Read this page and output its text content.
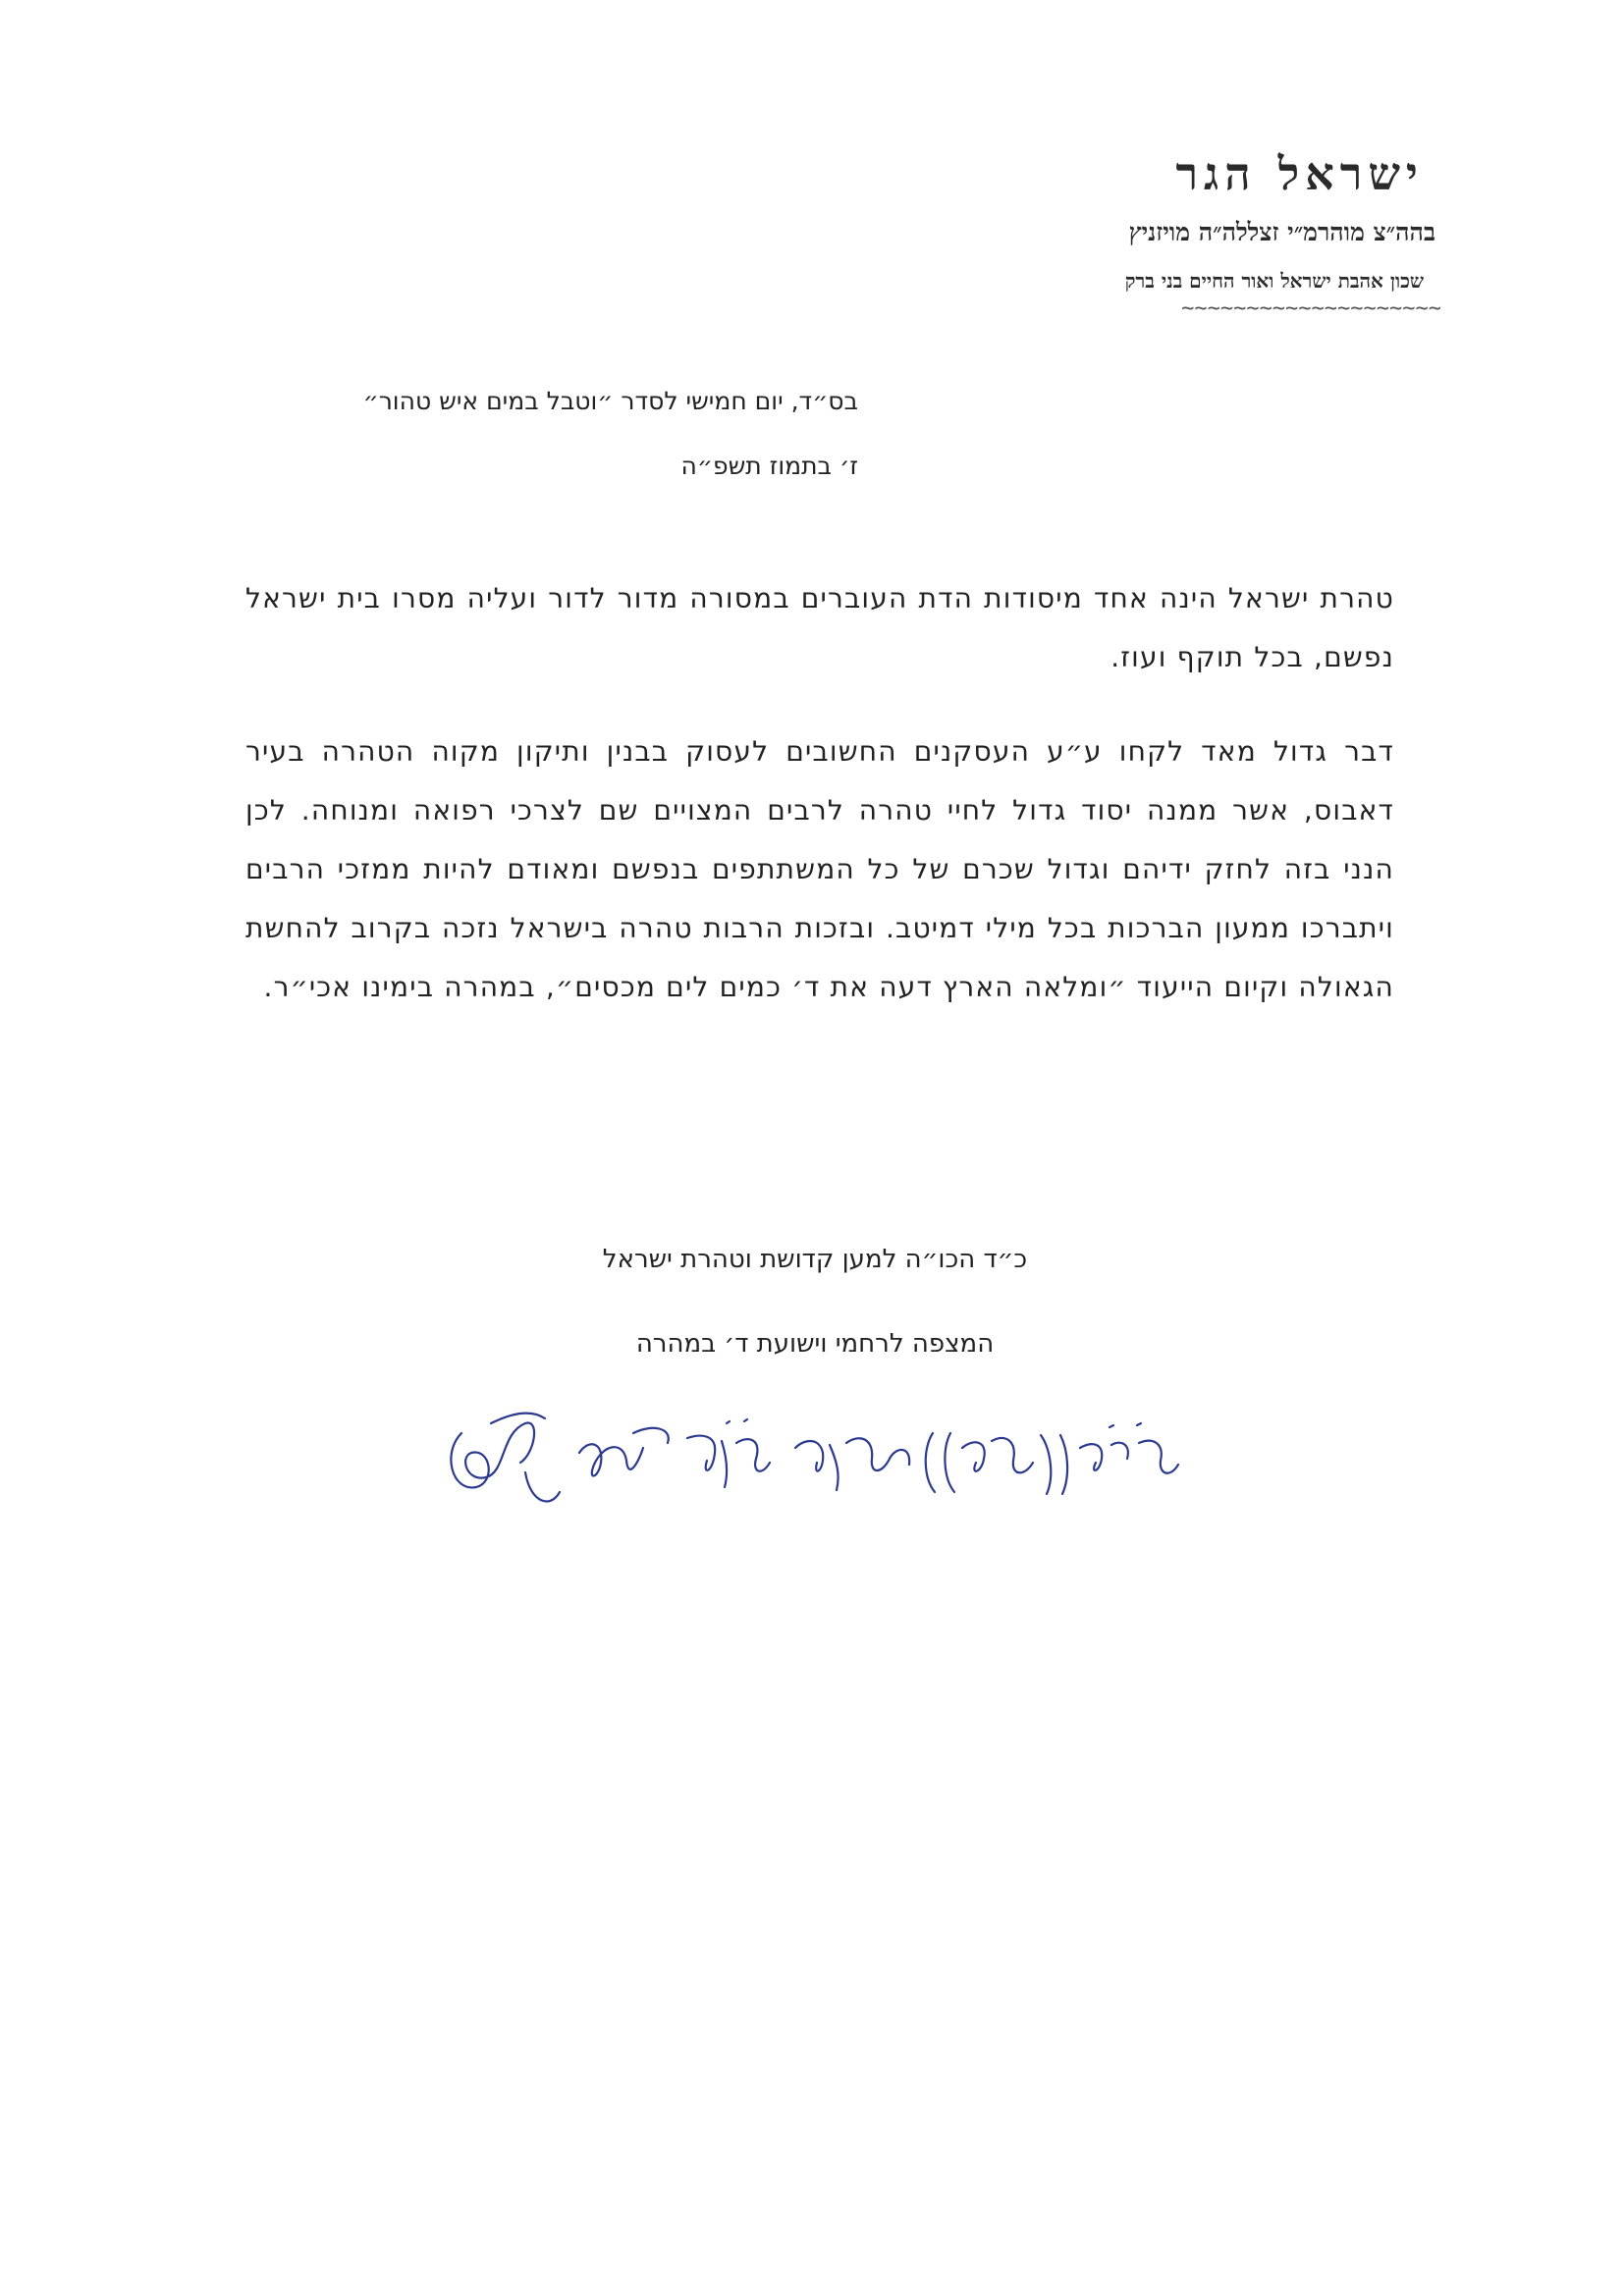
ישראל הגר
בהה״צ מוהרמ״י זצללה״ה מויזניץ
שכון אהבת ישראל ואור החיים בני ברק
~~~~~~~~~~~~~~~~~~~~
בס״ד, יום חמישי לסדר ״וטבל במים איש טהור״
ז׳ בתמוז תשפ״ה

טהרת ישראל הינה אחד מיסודות הדת העוברים במסורה מדור לדור ועליה מסרו בית ישראל נפשם, בכל תוקף ועוז.

דבר גדול מאד לקחו ע״ע העסקנים החשובים לעסוק בבנין ותיקון מקוה הטהרה בעיר דאבוס, אשר ממנה יסוד גדול לחיי טהרה לרבים המצויים שם לצרכי רפואה ומנוחה. לכן הנני בזה לחזק ידיהם וגדול שכרם של כל המשתתפים בנפשם ומאודם להיות ממזכי הרבים ויתברכו ממעון הברכות בכל מילי דמיטב. ובזכות הרבות טהרה בישראל נזכה בקרוב להחשת הגאולה וקיום הייעוד ״ומלאה הארץ דעה את ד׳ כמים לים מכסים״, במהרה בימינו אכי״ר.

כ״ד הכו״ה למען קדושת וטהרת ישראל
המצפה לרחמי וישועת ד׳ במהרה
